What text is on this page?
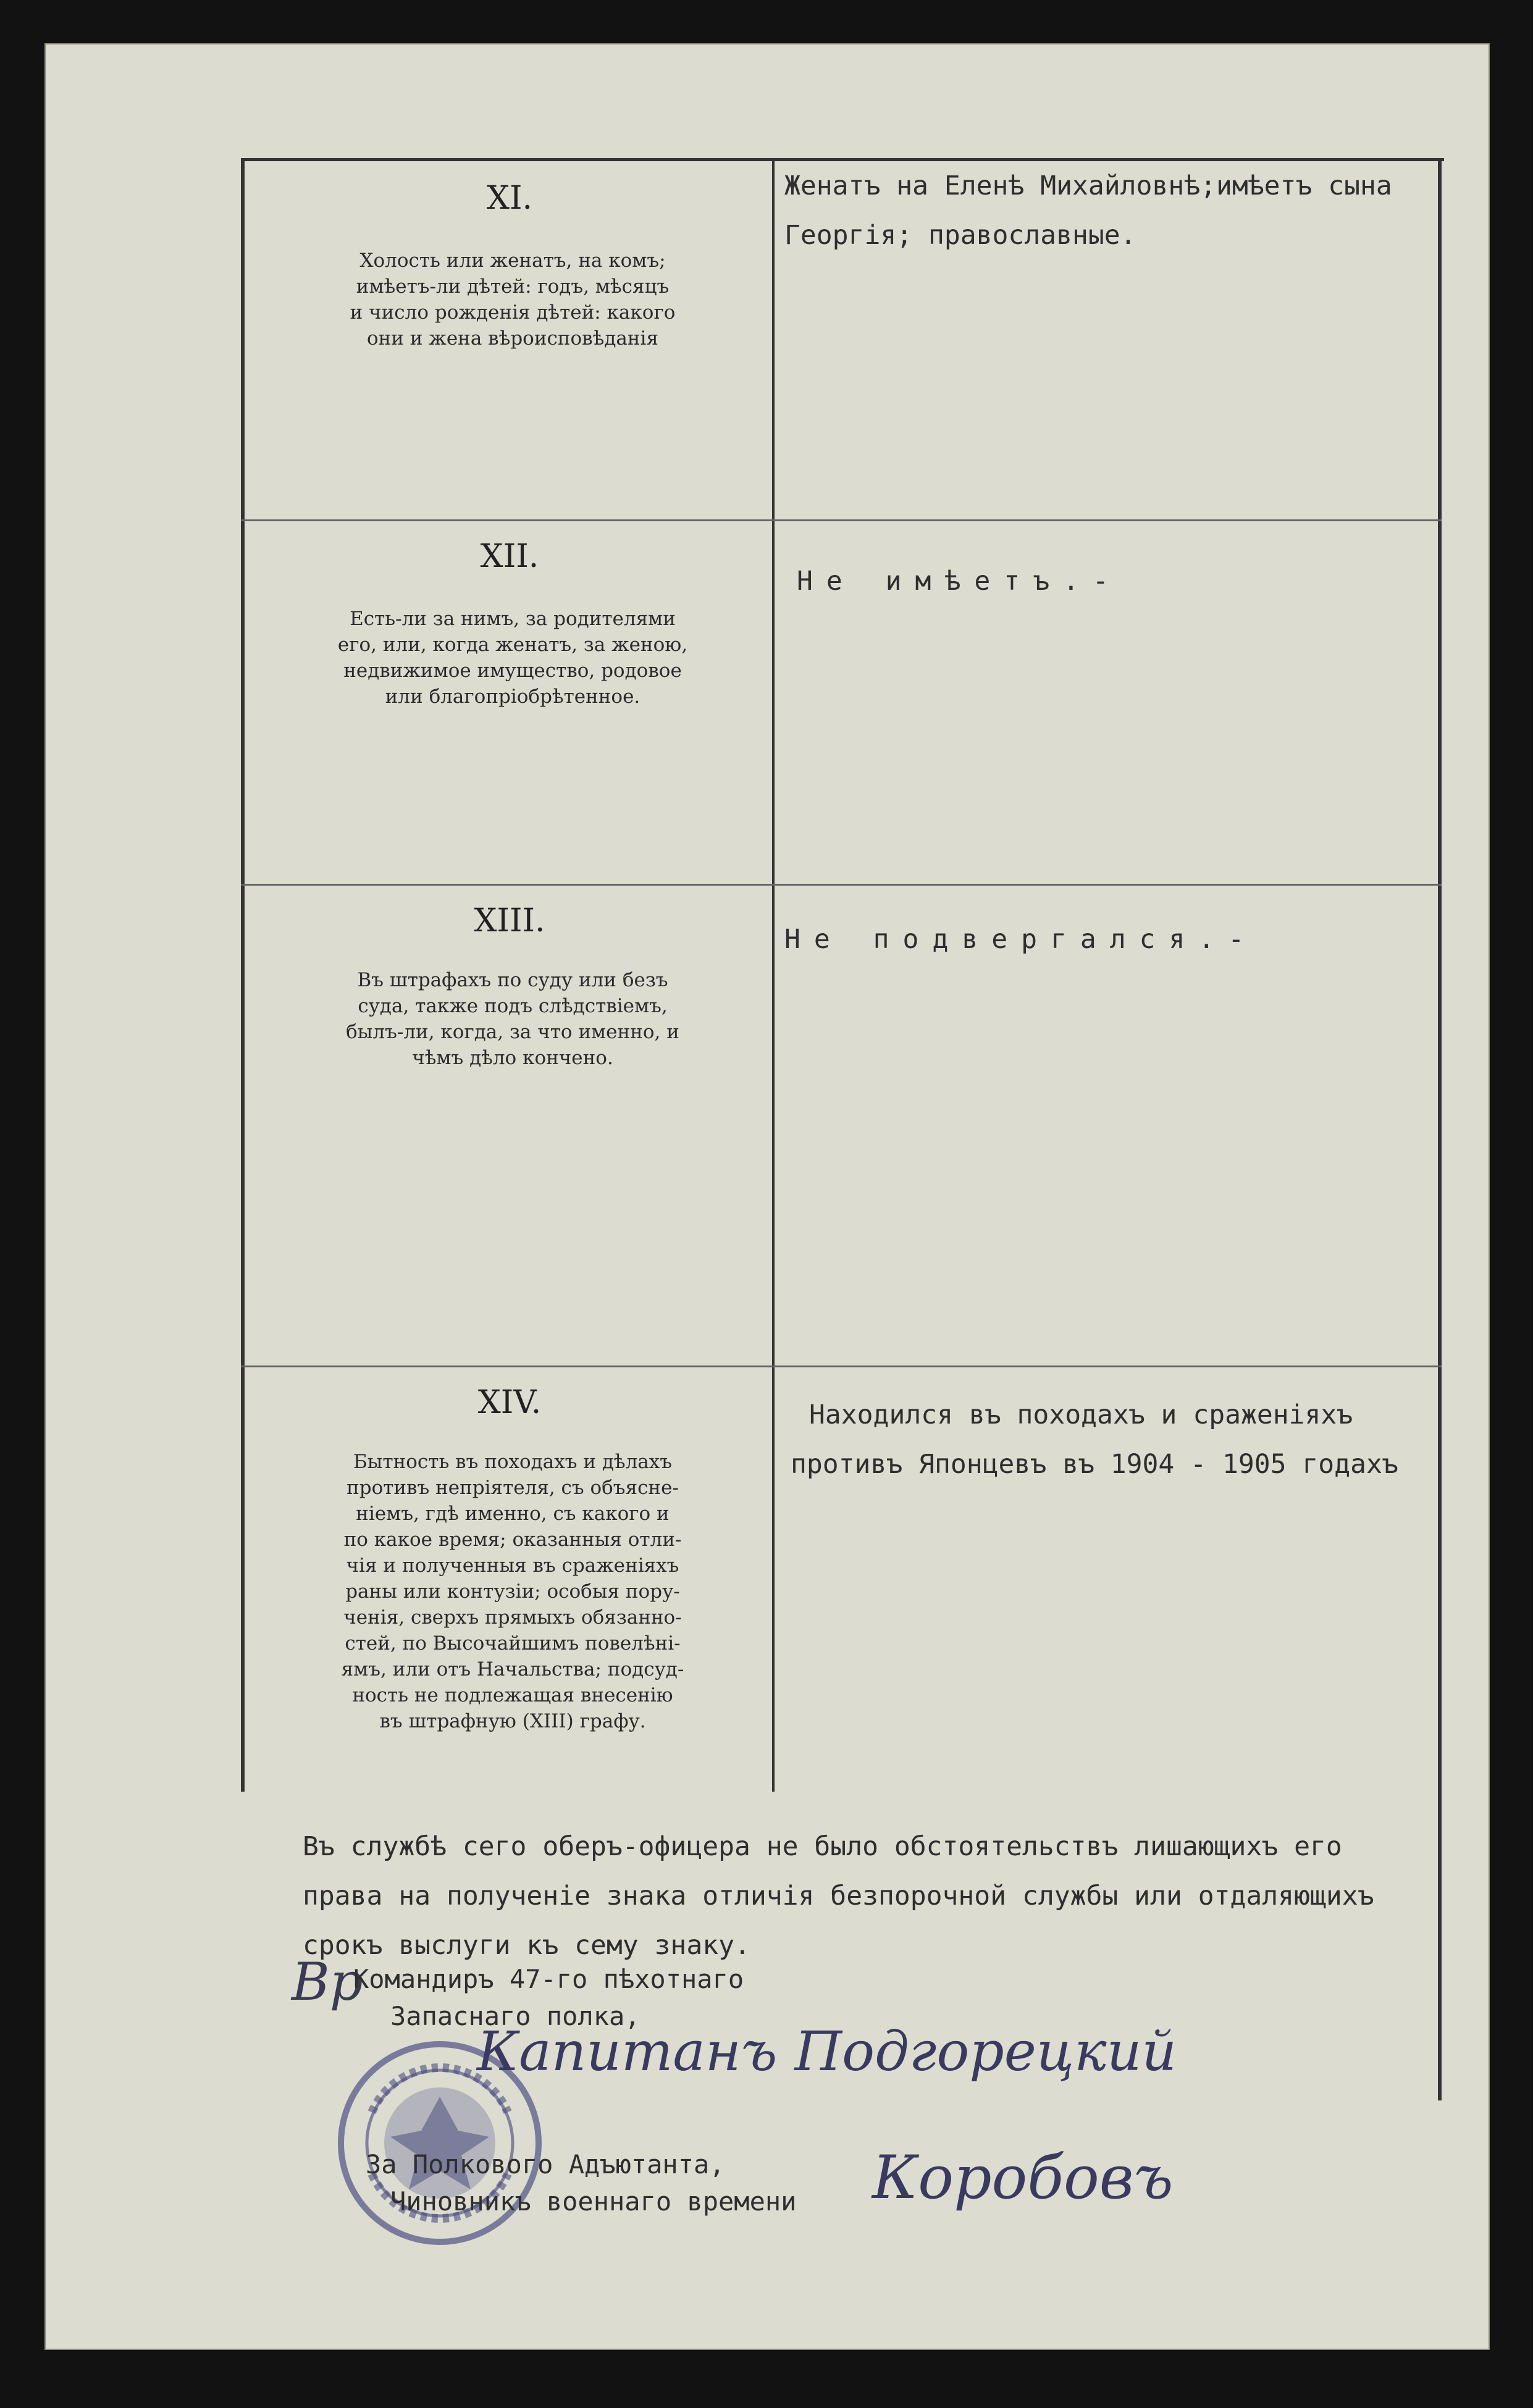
XI.
Холость или женатъ, на комъ;
имѣетъ-ли дѣтей: годъ, мѣсяцъ
и число рожденія дѣтей: какого
они и жена вѣроисповѣданія
Женатъ на Еленѣ Михайловнѣ;имѣетъ сына
Георгія; православные.
XII.
Есть-ли за нимъ, за родителями
его, или, когда женатъ, за женою,
недвижимое имущество, родовое
или благопріобрѣтенное.
Не имѣетъ.-
XIII.
Въ штрафахъ по суду или безъ
суда, также подъ слѣдствіемъ,
былъ-ли, когда, за что именно, и
чѣмъ дѣло кончено.
Не подвергался.-
XIV.
Бытность въ походахъ и дѣлахъ
противъ непріятеля, съ объясне-
ніемъ, гдѣ именно, съ какого и
по какое время; оказанныя отли-
чія и полученныя въ сраженіяхъ
раны или контузіи; особыя пору-
ченія, сверхъ прямыхъ обязанно-
стей, по Высочайшимъ повелѣні-
ямъ, или отъ Начальства; подсуд-
ность не подлежащая внесенію
въ штрафную (XIII) графу.
Находился въ походахъ и сраженіяхъ
противъ Японцевъ въ 1904 - 1905 годахъ
Въ службѣ сего оберъ-офицера не было обстоятельствъ лишающихъ его
права на полученіе знака отличія безпорочной службы или отдаляющихъ
срокъ выслуги къ сему знаку.
Вр
Командиръ 47-го пѣхотнаго
Запаснаго полка,
Капитанъ Подгорецкий
За Полкового Адъютанта,
Чиновникъ военнаго времени Коробовъ
